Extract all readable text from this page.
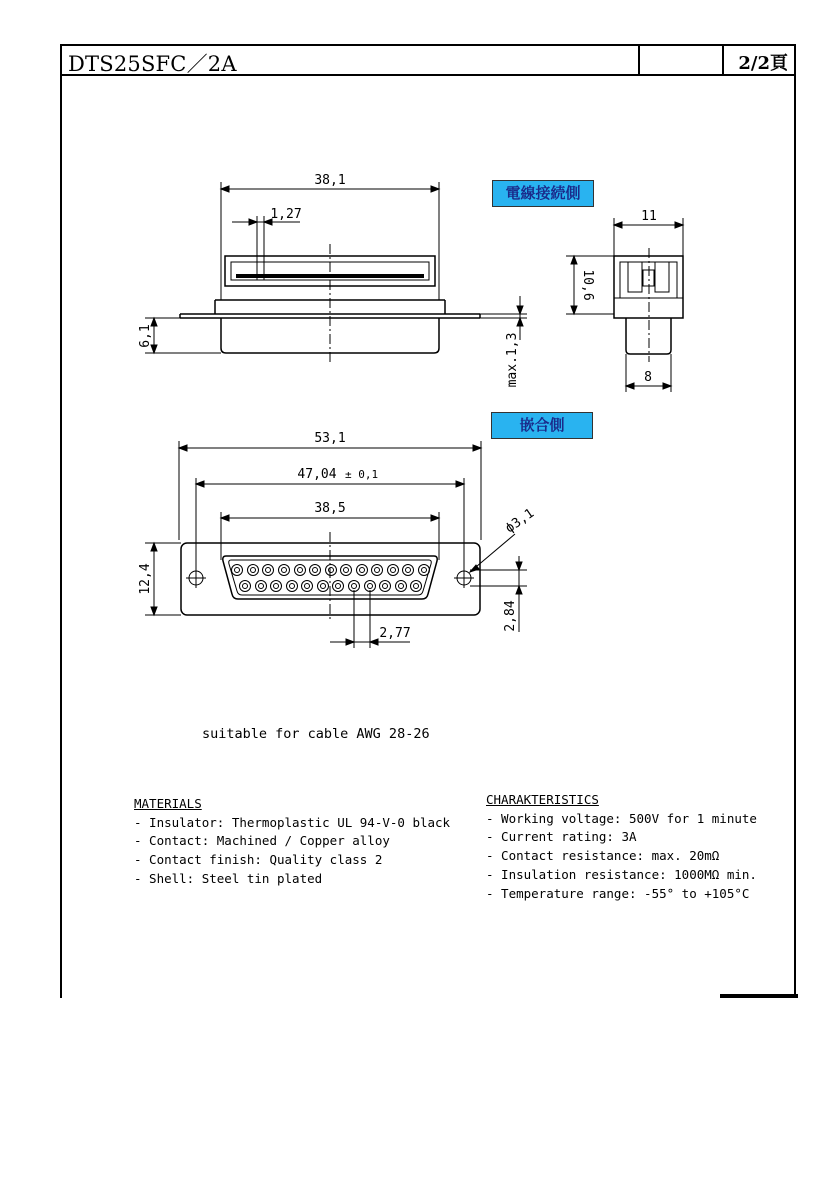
DTS25SFC／2A	2/2頁
電線接続側
嵌合側
38,1
1,27	11
10,6
6,1	max.1,3	8
53,1
47,04 ± 0,1
38,5	ϕ3,1
12,4
2,84
2,77
suitable for cable AWG 28-26
MATERIALS
- Insulator: Thermoplastic UL 94-V-0 black
- Contact: Machined / Copper alloy
- Contact finish: Quality class 2
- Shell: Steel tin plated
CHARAKTERISTICS
- Working voltage: 500V for 1 minute
- Current rating: 3A
- Contact resistance: max. 20mΩ
- Insulation resistance: 1000MΩ min.
- Temperature range: -55° to +105°C
